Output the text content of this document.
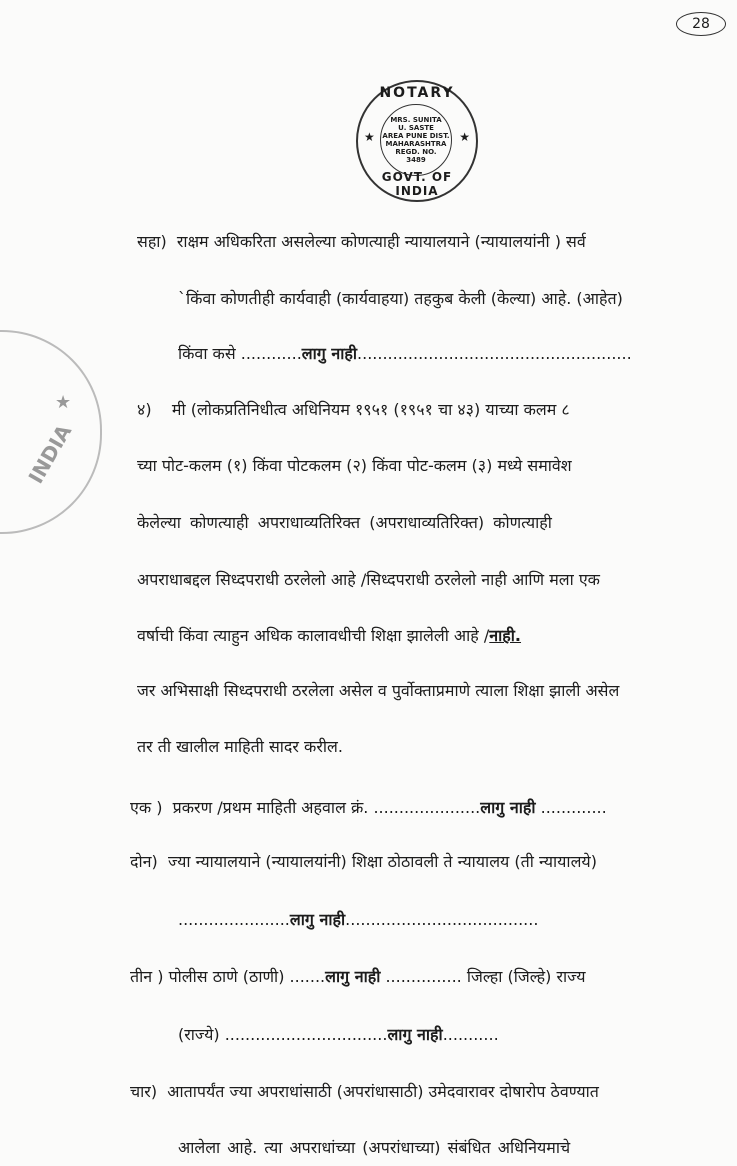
28
NOTARY
★	★
MRS. SUNITA
U. SASTE
AREA PUNE DIST.
MAHARASHTRA
REGD. NO.
3489
GOVT. OF INDIA
★
INDIA
सहा) राक्षम अधिकरिता असलेल्या कोणत्याही न्यायालयाने (न्यायालयांनी ) सर्व
`किंवा कोणतीही कार्यवाही (कार्यवाहया) तहकुब केली (केल्या) आहे. (आहेत)
किंवा कसे ............लागु नाही......................................................
४) मी (लोकप्रतिनिधीत्व अधिनियम १९५१ (१९५१ चा ४३) याच्या कलम ८
च्या पोट-कलम (१) किंवा पोटकलम (२) किंवा पोट-कलम (३) मध्ये समावेश
केलेल्या कोणत्याही अपराधाव्यतिरिक्त (अपराधाव्यतिरिक्त) कोणत्याही
अपराधाबद्दल सिध्दपराधी ठरलेलो आहे /सिध्दपराधी ठरलेलो नाही आणि मला एक
वर्षाची किंवा त्याहुन अधिक कालावधीची शिक्षा झालेली आहे /नाही.
जर अभिसाक्षी सिध्दपराधी ठरलेला असेल व पुर्वोक्ताप्रमाणे त्याला शिक्षा झाली असेल
तर ती खालील माहिती सादर करील.
एक ) प्रकरण /प्रथम माहिती अहवाल क्रं. .....................लागु नाही .............
दोन) ज्या न्यायालयाने (न्यायालयांनी) शिक्षा ठोठावली ते न्यायालय (ती न्यायालये)
......................लागु नाही......................................
तीन ) पोलीस ठाणे (ठाणी) .......लागु नाही ............... जिल्हा (जिल्हे) राज्य
(राज्ये) ................................लागु नाही...........
चार) आतापर्यंत ज्या अपराधांसाठी (अपरांधासाठी) उमेदवारावर दोषारोप ठेवण्यात
आलेला आहे. त्या अपराधांच्या (अपरांधाच्या) संबंधित अधिनियमाचे
